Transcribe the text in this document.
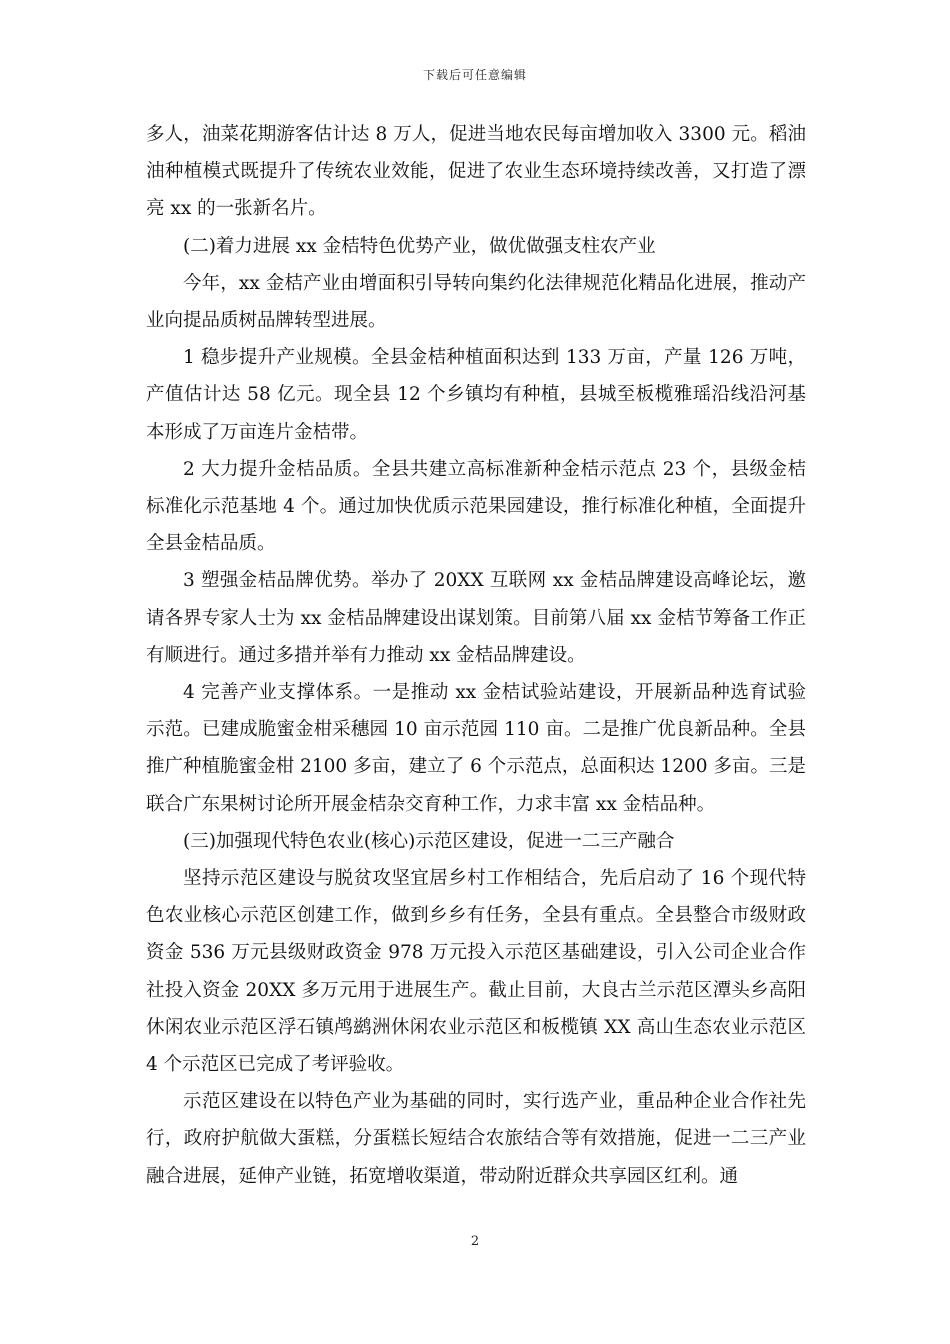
下载后可任意编辑

多人，油菜花期游客估计达 8 万人，促进当地农民每亩增加收入 3300 元。稻油油种植模式既提升了传统农业效能，促进了农业生态环境持续改善，又打造了漂亮 xx 的一张新名片。

(二)着力进展 xx 金桔特色优势产业，做优做强支柱农产业

今年，xx 金桔产业由增面积引导转向集约化法律规范化精品化进展，推动产业向提品质树品牌转型进展。

1 稳步提升产业规模。全县金桔种植面积达到 133 万亩，产量 126 万吨，产值估计达 58 亿元。现全县 12 个乡镇均有种植，县城至板榄雅瑶沿线沿河基本形成了万亩连片金桔带。

2 大力提升金桔品质。全县共建立高标准新种金桔示范点 23 个，县级金桔标准化示范基地 4 个。通过加快优质示范果园建设，推行标准化种植，全面提升全县金桔品质。

3 塑强金桔品牌优势。举办了 20XX 互联网 xx 金桔品牌建设高峰论坛，邀请各界专家人士为 xx 金桔品牌建设出谋划策。目前第八届 xx 金桔节筹备工作正有顺进行。通过多措并举有力推动 xx 金桔品牌建设。

4 完善产业支撑体系。一是推动 xx 金桔试验站建设，开展新品种选育试验示范。已建成脆蜜金柑采穗园 10 亩示范园 110 亩。二是推广优良新品种。全县推广种植脆蜜金柑 2100 多亩，建立了 6 个示范点，总面积达 1200 多亩。三是联合广东果树讨论所开展金桔杂交育种工作，力求丰富 xx 金桔品种。

(三)加强现代特色农业(核心)示范区建设，促进一二三产融合

坚持示范区建设与脱贫攻坚宜居乡村工作相结合，先后启动了 16 个现代特色农业核心示范区创建工作，做到乡乡有任务，全县有重点。全县整合市级财政资金 536 万元县级财政资金 978 万元投入示范区基础建设，引入公司企业合作社投入资金 20XX 多万元用于进展生产。截止目前，大良古兰示范区潭头乡高阳休闲农业示范区浮石镇鸬鹚洲休闲农业示范区和板榄镇 XX 高山生态农业示范区 4 个示范区已完成了考评验收。

示范区建设在以特色产业为基础的同时，实行选产业，重品种企业合作社先行，政府护航做大蛋糕，分蛋糕长短结合农旅结合等有效措施，促进一二三产业融合进展，延伸产业链，拓宽增收渠道，带动附近群众共享园区红利。通

2
